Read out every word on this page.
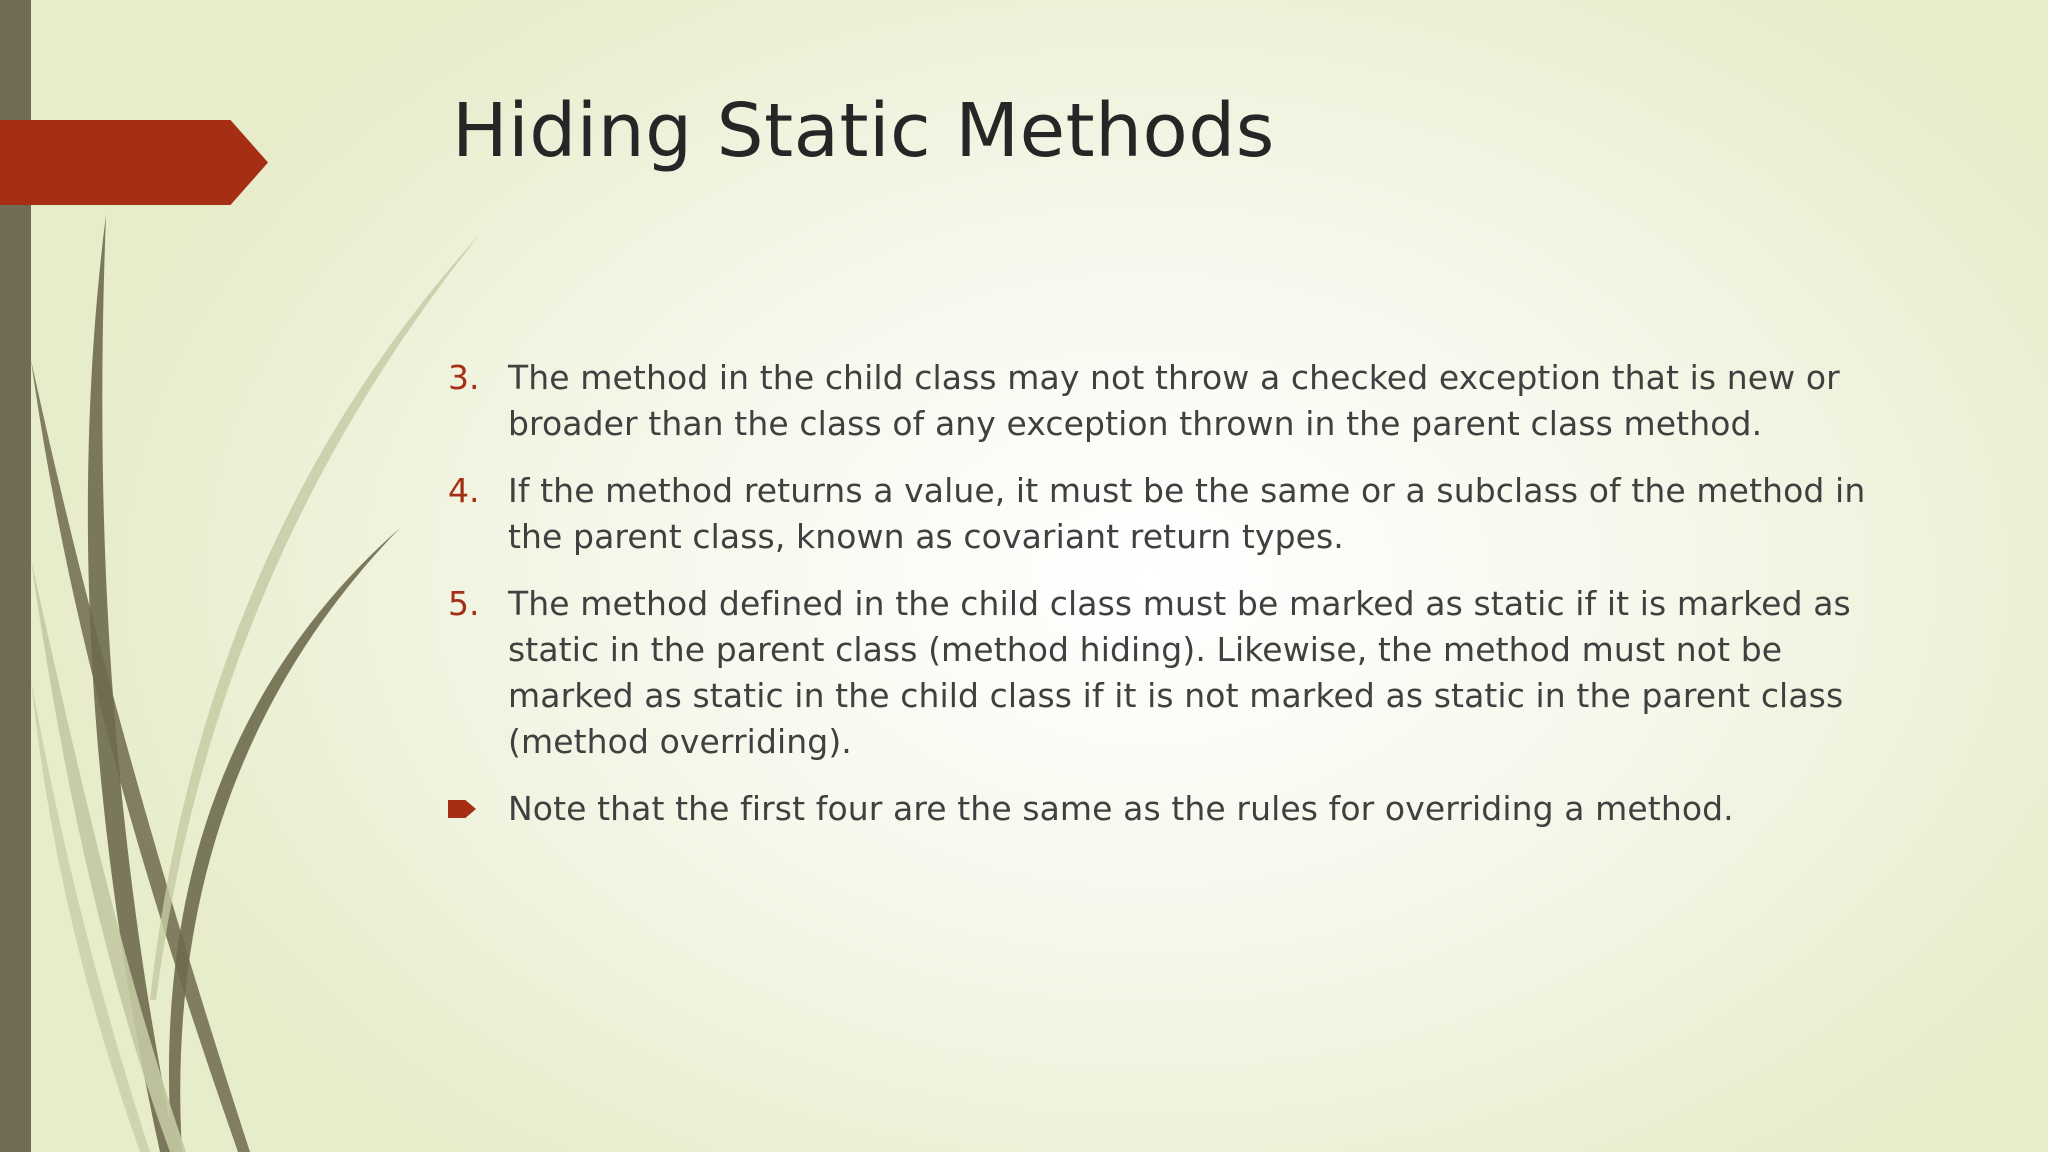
Hiding Static Methods
3. The method in the child class may not throw a checked exception that is new or broader than the class of any exception thrown in the parent class method.
4. If the method returns a value, it must be the same or a subclass of the method in the parent class, known as covariant return types.
5. The method defined in the child class must be marked as static if it is marked as static in the parent class (method hiding). Likewise, the method must not be marked as static in the child class if it is not marked as static in the parent class (method overriding).
Note that the first four are the same as the rules for overriding a method.
